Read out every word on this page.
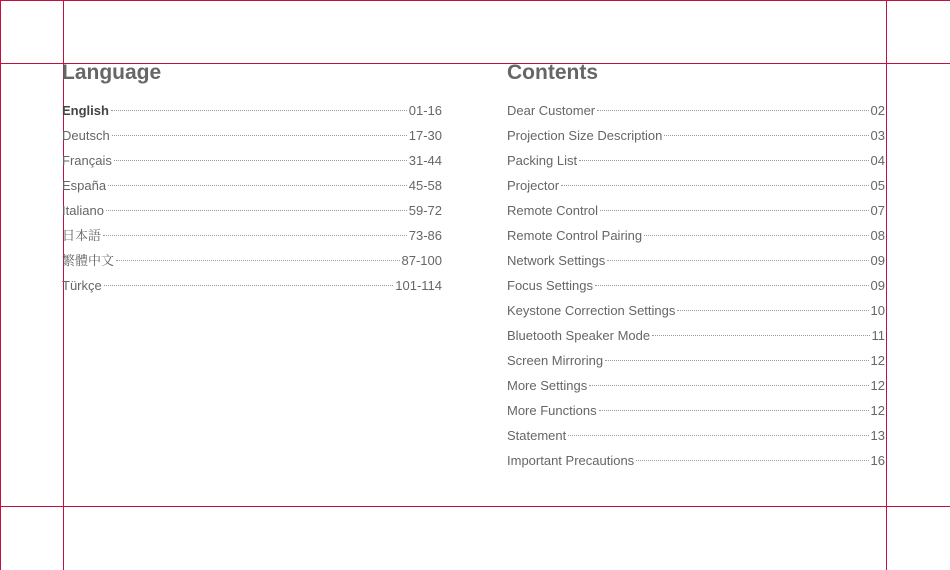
Language
English	01-16
Deutsch	17-30
Français	31-44
España	45-58
Italiano	59-72
日本語	73-86
繁體中文	87-100
Türkçe	101-114
Contents
Dear Customer	02
Projection Size Description	03
Packing List	04
Projector	05
Remote Control	07
Remote Control Pairing	08
Network Settings	09
Focus Settings	09
Keystone Correction Settings	10
Bluetooth Speaker Mode	11
Screen Mirroring	12
More Settings	12
More Functions	12
Statement	13
Important Precautions	16
